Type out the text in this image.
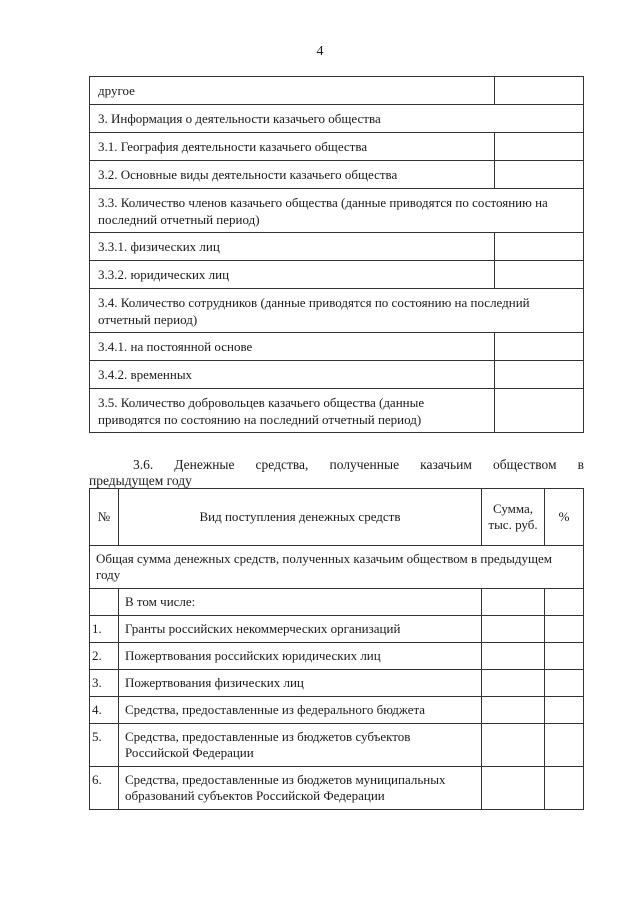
4
другое	
3. Информация о деятельности казачьего общества	
3.1. География деятельности казачьего общества	
3.2. Основные виды деятельности казачьего общества	
3.3. Количество членов казачьего общества (данные приводятся по состоянию на последний отчетный период)	
3.3.1. физических лиц	
3.3.2. юридических лиц	
3.4. Количество сотрудников (данные приводятся по состоянию на последний отчетный период)	
3.4.1. на постоянной основе	
3.4.2. временных	
3.5. Количество добровольцев казачьего общества (данные приводятся по состоянию на последний отчетный период)	
3.6. Денежные средства, полученные казачьим обществом в
предыдущем году
№	Вид поступления денежных средств	Сумма, тыс. руб.	%
Общая сумма денежных средств, полученных казачьим обществом в предыдущем году			
	В том числе:		
1.	Гранты российских некоммерческих организаций		
2.	Пожертвования российских юридических лиц		
3.	Пожертвования физических лиц		
4.	Средства, предоставленные из федерального бюджета		
5.	Средства, предоставленные из бюджетов субъектов Российской Федерации		
6.	Средства, предоставленные из бюджетов муниципальных образований субъектов Российской Федерации		
